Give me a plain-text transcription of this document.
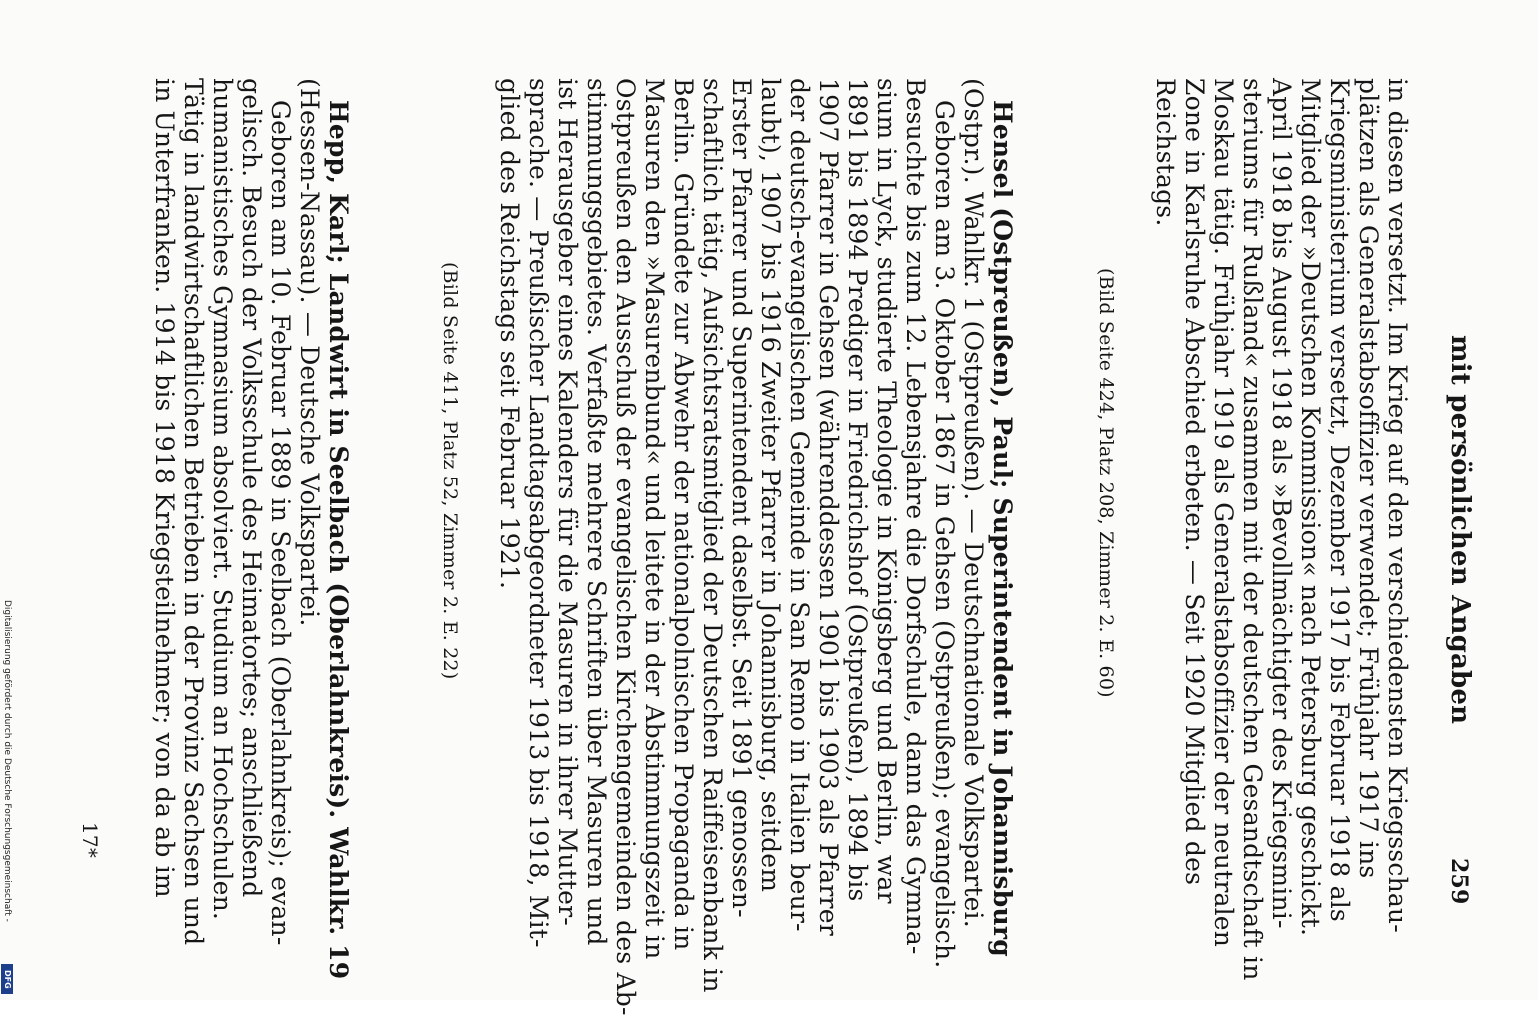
259
mit persönlichen Angaben
in diesen versetzt. Im Krieg auf den verschiedensten Kriegsschau-
plätzen als Generalstabsoffizier verwendet; Frühjahr 1917 ins
Kriegsministerium versetzt, Dezember 1917 bis Februar 1918 als
Mitglied der »Deutschen Kommission« nach Petersburg geschickt.
April 1918 bis August 1918 als »Bevollmächtigter des Kriegsmini-
steriums für Rußland« zusammen mit der deutschen Gesandtschaft in
Moskau tätig. Frühjahr 1919 als Generalstabsoffizier der neutralen
Zone in Karlsruhe Abschied erbeten. — Seit 1920 Mitglied des
Reichstags.
(Bild Seite 424, Platz 208, Zimmer 2. E. 60)
Hensel (Ostpreußen), Paul; Superintendent in Johannisburg
(Ostpr.). Wahlkr. 1 (Ostpreußen). — Deutschnationale Volkspartei.
Geboren am 3. Oktober 1867 in Gehsen (Ostpreußen); evangelisch.
Besuchte bis zum 12. Lebensjahre die Dorfschule, dann das Gymna-
sium in Lyck, studierte Theologie in Königsberg und Berlin, war
1891 bis 1894 Prediger in Friedrichshof (Ostpreußen), 1894 bis
1907 Pfarrer in Gehsen (währenddessen 1901 bis 1903 als Pfarrer
der deutsch-evangelischen Gemeinde in San Remo in Italien beur-
laubt), 1907 bis 1916 Zweiter Pfarrer in Johannisburg, seitdem
Erster Pfarrer und Superintendent daselbst. Seit 1891 genossen-
schaftlich tätig, Aufsichtsratsmitglied der Deutschen Raiffeisenbank in
Berlin. Gründete zur Abwehr der nationalpolnischen Propaganda in
Masuren den »Masurenbund« und leitete in der Abstimmungszeit in
Ostpreußen den Ausschuß der evangelischen Kirchengemeinden des Ab-
stimmungsgebietes. Verfaßte mehrere Schriften über Masuren und
ist Herausgeber eines Kalenders für die Masuren in ihrer Mutter-
sprache. — Preußischer Landtagsabgeordneter 1913 bis 1918, Mit-
glied des Reichstags seit Februar 1921.
(Bild Seite 411, Platz 52, Zimmer 2. E. 22)
Hepp, Karl; Landwirt in Seelbach (Oberlahnkreis). Wahlkr. 19
(Hessen-Nassau). — Deutsche Volkspartei.
Geboren am 10. Februar 1889 in Seelbach (Oberlahnkreis); evan-
gelisch. Besuch der Volksschule des Heimatortes; anschließend
humanistisches Gymnasium absolviert. Studium an Hochschulen.
Tätig in landwirtschaftlichen Betrieben in der Provinz Sachsen und
in Unterfranken. 1914 bis 1918 Kriegsteilnehmer; von da ab im
17*
Digitalisierung gefördert durch die Deutsche Forschungsgemeinschaft -
DFG
